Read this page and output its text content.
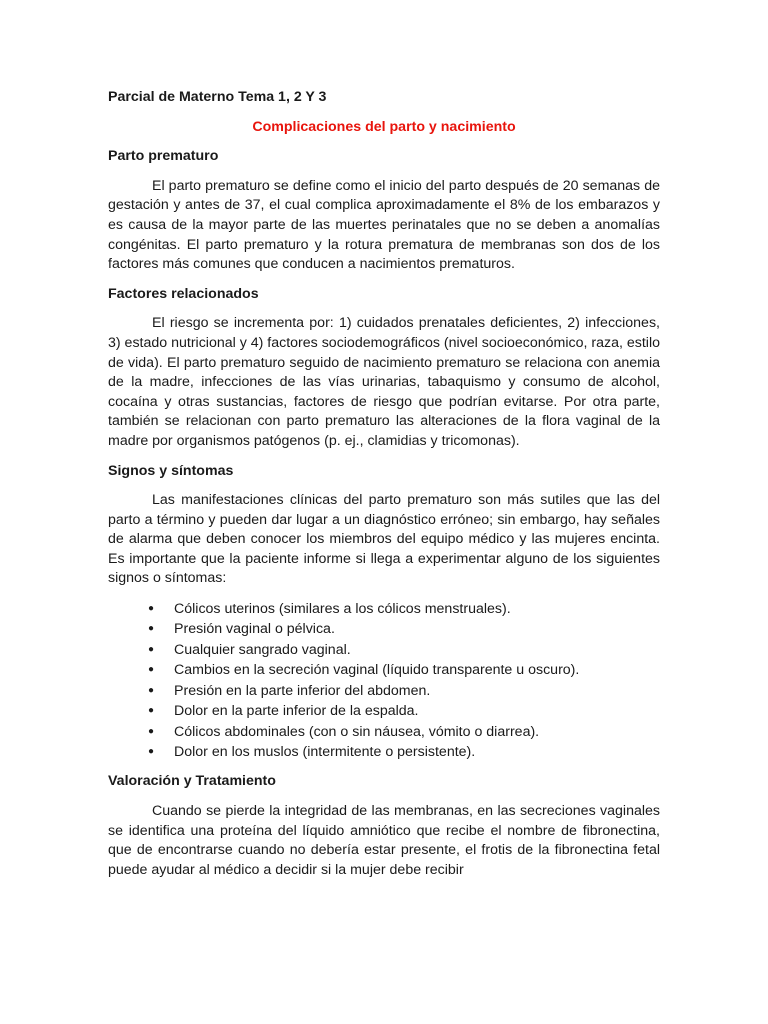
Parcial de Materno Tema 1, 2 Y 3
Complicaciones del parto y nacimiento
Parto prematuro

El parto prematuro se define como el inicio del parto después de 20 semanas de gestación y antes de 37, el cual complica aproximadamente el 8% de los embarazos y es causa de la mayor parte de las muertes perinatales que no se deben a anomalías congénitas. El parto prematuro y la rotura prematura de membranas son dos de los factores más comunes que conducen a nacimientos prematuros.

Factores relacionados

El riesgo se incrementa por: 1) cuidados prenatales deficientes, 2) infecciones, 3) estado nutricional y 4) factores sociodemográficos (nivel socioeconómico, raza, estilo de vida). El parto prematuro seguido de nacimiento prematuro se relaciona con anemia de la madre, infecciones de las vías urinarias, tabaquismo y consumo de alcohol, cocaína y otras sustancias, factores de riesgo que podrían evitarse. Por otra parte, también se relacionan con parto prematuro las alteraciones de la flora vaginal de la madre por organismos patógenos (p. ej., clamidias y tricomonas).

Signos y síntomas

Las manifestaciones clínicas del parto prematuro son más sutiles que las del parto a término y pueden dar lugar a un diagnóstico erróneo; sin embargo, hay señales de alarma que deben conocer los miembros del equipo médico y las mujeres encinta. Es importante que la paciente informe si llega a experimentar alguno de los siguientes signos o síntomas:

● Cólicos uterinos (similares a los cólicos menstruales).
● Presión vaginal o pélvica.
● Cualquier sangrado vaginal.
● Cambios en la secreción vaginal (líquido transparente u oscuro).
● Presión en la parte inferior del abdomen.
● Dolor en la parte inferior de la espalda.
● Cólicos abdominales (con o sin náusea, vómito o diarrea).
● Dolor en los muslos (intermitente o persistente).
Valoración y Tratamiento

Cuando se pierde la integridad de las membranas, en las secreciones vaginales se identifica una proteína del líquido amniótico que recibe el nombre de fibronectina, que de encontrarse cuando no debería estar presente, el frotis de la fibronectina fetal puede ayudar al médico a decidir si la mujer debe recibir
